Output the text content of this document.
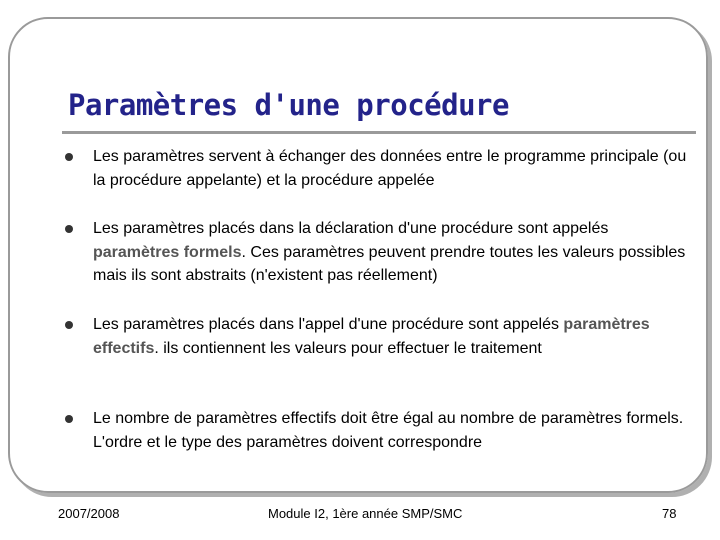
Paramètres d'une procédure
Les paramètres servent à échanger des données entre le programme principale (ou la procédure appelante) et la procédure appelée
Les paramètres placés dans la déclaration d'une procédure sont appelés paramètres formels. Ces paramètres peuvent prendre toutes les valeurs possibles mais ils sont abstraits (n'existent pas réellement)
Les paramètres placés dans l'appel d'une procédure sont appelés paramètres effectifs. ils contiennent les valeurs pour effectuer le traitement
Le nombre de paramètres effectifs doit être égal au nombre de paramètres formels. L'ordre et le type des paramètres doivent correspondre
2007/2008	Module I2, 1ère année SMP/SMC	78
